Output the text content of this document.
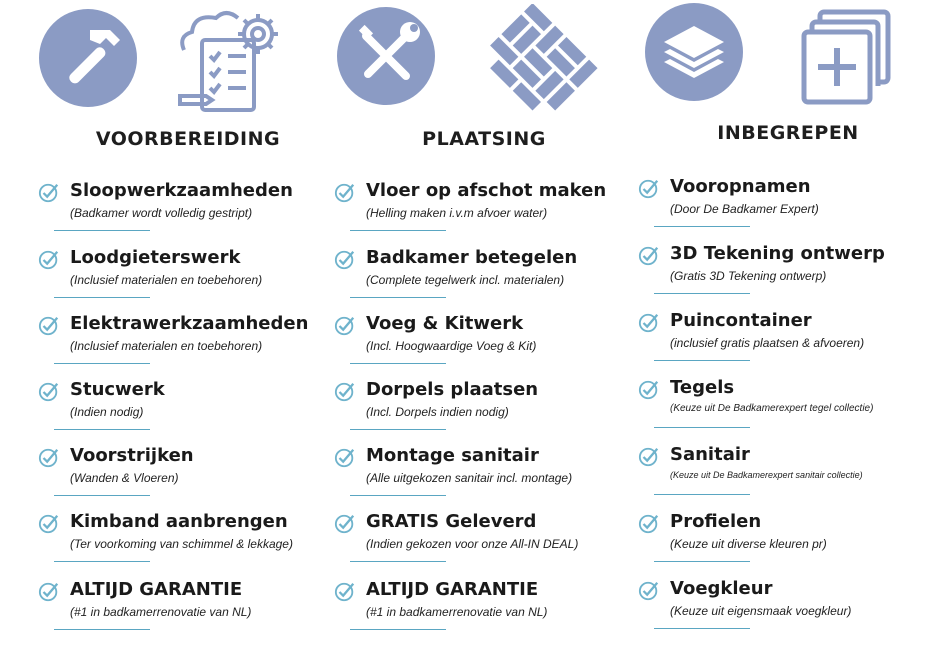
VOORBEREIDING
Sloopwerkzaamheden
(Badkamer wordt volledig gestript)
Loodgieterswerk
(Inclusief materialen en toebehoren)
Elektrawerkzaamheden
(Inclusief materialen en toebehoren)
Stucwerk
(Indien nodig)
Voorstrijken
(Wanden & Vloeren)
Kimband aanbrengen
(Ter voorkoming van schimmel & lekkage)
ALTIJD GARANTIE
(#1 in badkamerrenovatie van NL)
PLAATSING
Vloer op afschot maken
(Helling maken i.v.m afvoer water)
Badkamer betegelen
(Complete tegelwerk incl. materialen)
Voeg & Kitwerk
(Incl. Hoogwaardige Voeg & Kit)
Dorpels plaatsen
(Incl. Dorpels indien nodig)
Montage sanitair
(Alle uitgekozen sanitair incl. montage)
GRATIS Geleverd
(Indien gekozen voor onze All-IN DEAL)
ALTIJD GARANTIE
(#1 in badkamerrenovatie van NL)
INBEGREPEN
Vooropnamen
(Door De Badkamer Expert)
3D Tekening ontwerp
(Gratis 3D Tekening ontwerp)
Puincontainer
(inclusief gratis plaatsen & afvoeren)
Tegels
(Keuze uit De Badkamerexpert tegel collectie)
Sanitair
(Keuze uit De Badkamerexpert sanitair collectie)
Profielen
(Keuze uit diverse kleuren pr)
Voegkleur
(Keuze uit eigensmaak voegkleur)
